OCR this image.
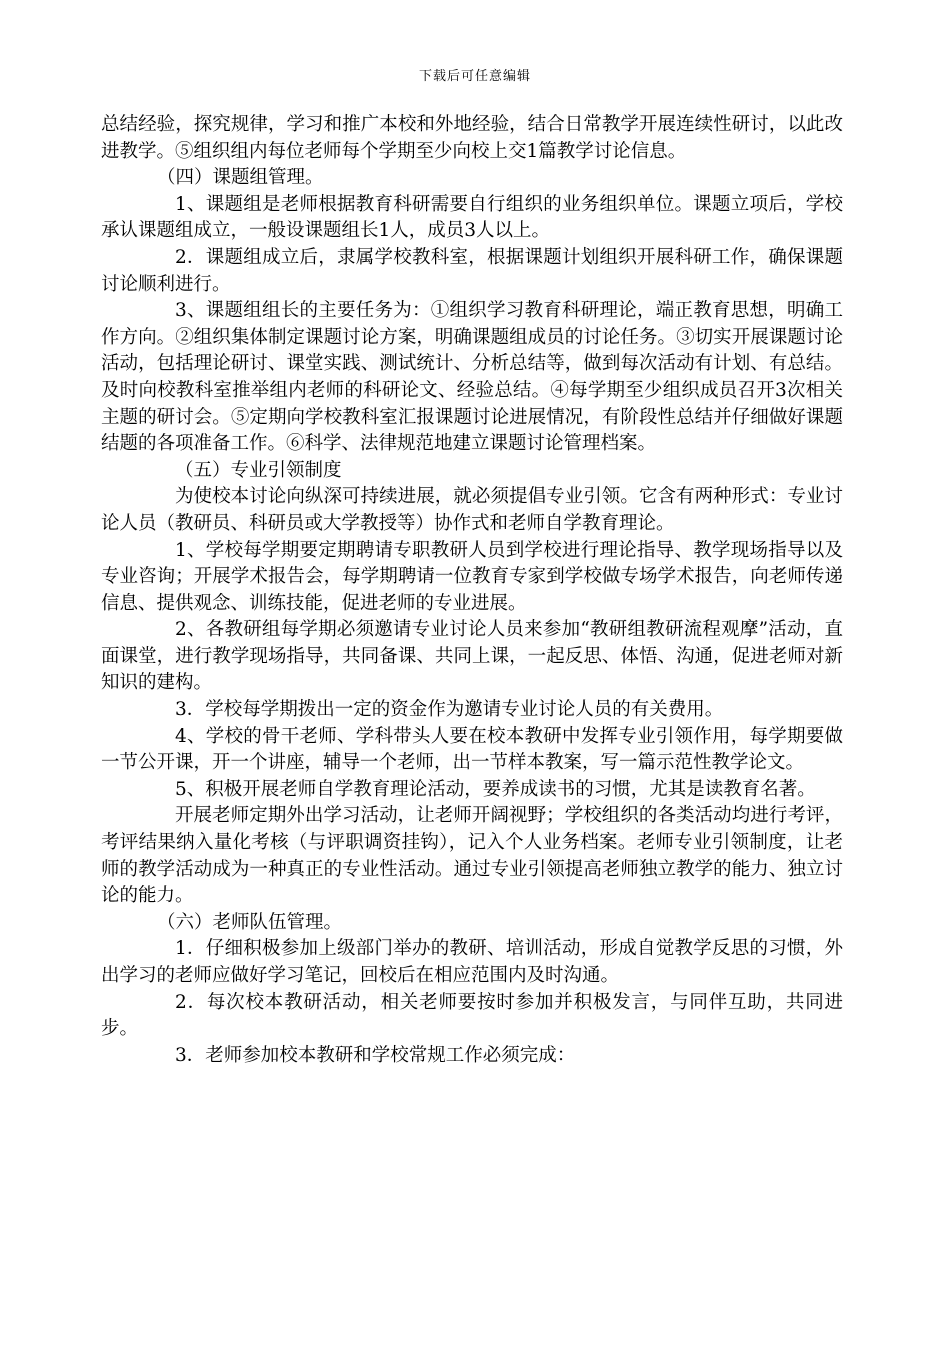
下载后可任意编辑

总结经验，探究规律，学习和推广本校和外地经验，结合日常教学开展连续性研讨，以此改进教学。⑤组织组内每位老师每个学期至少向校上交1篇教学讨论信息。

（四）课题组管理。

1、课题组是老师根据教育科研需要自行组织的业务组织单位。课题立项后，学校承认课题组成立，一般设课题组长1人，成员3人以上。

2．课题组成立后，隶属学校教科室，根据课题计划组织开展科研工作，确保课题讨论顺利进行。

3、课题组组长的主要任务为：①组织学习教育科研理论，端正教育思想，明确工作方向。②组织集体制定课题讨论方案，明确课题组成员的讨论任务。③切实开展课题讨论活动，包括理论研讨、课堂实践、测试统计、分析总结等，做到每次活动有计划、有总结。及时向校教科室推举组内老师的科研论文、经验总结。④每学期至少组织成员召开3次相关主题的研讨会。⑤定期向学校教科室汇报课题讨论进展情况，有阶段性总结并仔细做好课题结题的各项准备工作。⑥科学、法律规范地建立课题讨论管理档案。

（五）专业引领制度

为使校本讨论向纵深可持续进展，就必须提倡专业引领。它含有两种形式：专业讨论人员（教研员、科研员或大学教授等）协作式和老师自学教育理论。

1、学校每学期要定期聘请专职教研人员到学校进行理论指导、教学现场指导以及专业咨询；开展学术报告会，每学期聘请一位教育专家到学校做专场学术报告，向老师传递信息、提供观念、训练技能，促进老师的专业进展。

2、各教研组每学期必须邀请专业讨论人员来参加“教研组教研流程观摩”活动，直面课堂，进行教学现场指导，共同备课、共同上课，一起反思、体悟、沟通，促进老师对新知识的建构。

3．学校每学期拨出一定的资金作为邀请专业讨论人员的有关费用。

4、学校的骨干老师、学科带头人要在校本教研中发挥专业引领作用，每学期要做一节公开课，开一个讲座，辅导一个老师，出一节样本教案，写一篇示范性教学论文。

5、积极开展老师自学教育理论活动，要养成读书的习惯，尤其是读教育名著。

开展老师定期外出学习活动，让老师开阔视野；学校组织的各类活动均进行考评，考评结果纳入量化考核（与评职调资挂钩），记入个人业务档案。老师专业引领制度，让老师的教学活动成为一种真正的专业性活动。通过专业引领提高老师独立教学的能力、独立讨论的能力。

（六）老师队伍管理。

1．仔细积极参加上级部门举办的教研、培训活动，形成自觉教学反思的习惯，外出学习的老师应做好学习笔记，回校后在相应范围内及时沟通。

2．每次校本教研活动，相关老师要按时参加并积极发言，与同伴互助，共同进步。

3．老师参加校本教研和学校常规工作必须完成：
